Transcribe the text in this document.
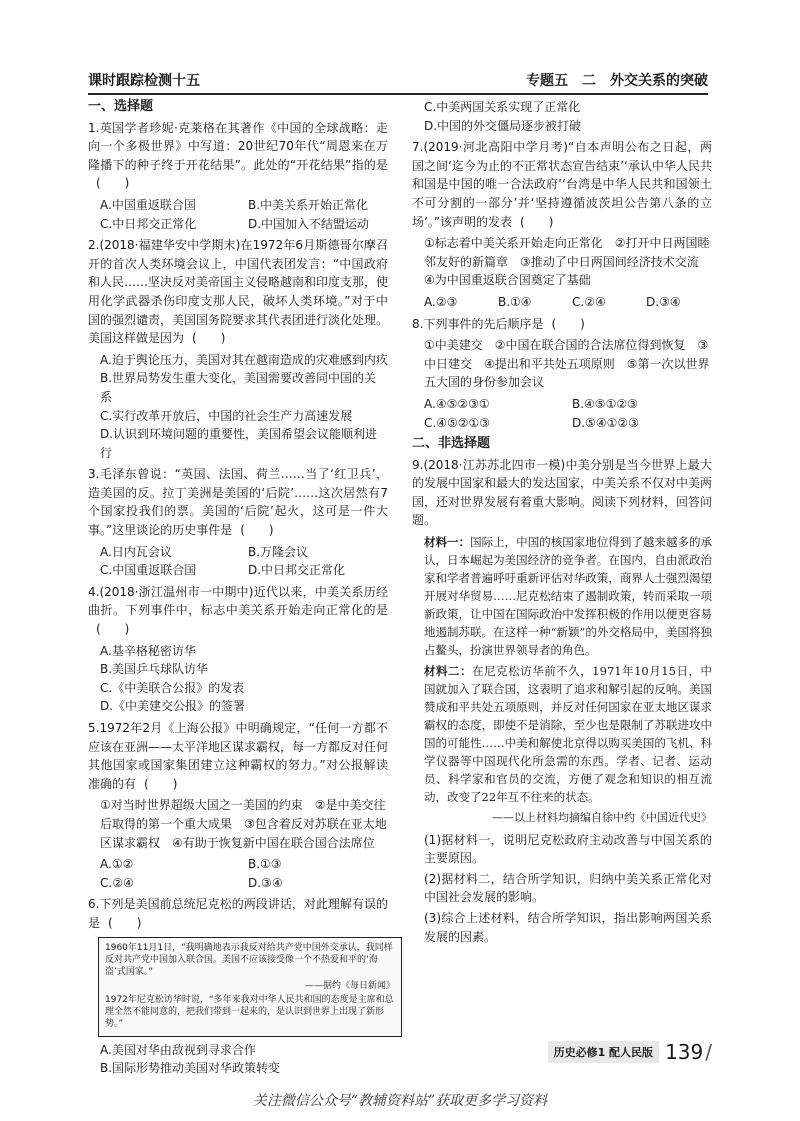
课时跟踪检测十五	专题五　二　外交关系的突破
一、选择题
1.英国学者珍妮·克莱格在其著作《中国的全球战略：走向一个多极世界》中写道：20世纪70年代“周恩来在万隆播下的种子终于开花结果”。此处的“开花结果”指的是(　　)
A.中国重返联合国	B.中美关系开始正常化
C.中日邦交正常化	D.中国加入不结盟运动
2.(2018·福建华安中学期末)在1972年6月斯德哥尔摩召开的首次人类环境会议上，中国代表团发言：“中国政府和人民……坚决反对美帝国主义侵略越南和印度支那，使用化学武器杀伤印度支那人民，破坏人类环境。”对于中国的强烈谴责，美国国务院要求其代表团进行淡化处理。美国这样做是因为 (　　)
A.迫于舆论压力，美国对其在越南造成的灾难感到内疚
B.世界局势发生重大变化，美国需要改善同中国的关系
C.实行改革开放后，中国的社会生产力高速发展
D.认识到环境问题的重要性，美国希望会议能顺利进行
3.毛泽东曾说：“英国、法国、荷兰……当了‘红卫兵’，造美国的反。拉丁美洲是美国的‘后院’……这次居然有7个国家投我们的票。美国的‘后院’起火，这可是一件大事。”这里谈论的历史事件是 (　　)
A.日内瓦会议	B.万隆会议
C.中国重返联合国	D.中日邦交正常化
4.(2018·浙江温州市一中期中)近代以来，中美关系历经曲折。下列事件中，标志中美关系开始走向正常化的是(　　)
A.基辛格秘密访华
B.美国乒乓球队访华
C.《中美联合公报》的发表
D.《中美建交公报》的签署
5.1972年2月《上海公报》中明确规定，“任何一方都不应该在亚洲——太平洋地区谋求霸权，每一方都反对任何其他国家或国家集团建立这种霸权的努力。”对公报解读准确的有 (　　)
①对当时世界超级大国之一美国的约束　②是中美交往后取得的第一个重大成果　③包含着反对苏联在亚太地区谋求霸权　④有助于恢复新中国在联合国合法席位
A.①②	B.①③
C.②④	D.③④
6.下列是美国前总统尼克松的两段讲话，对此理解有误的是 (　　)

1960年11月1日，“我明确地表示我反对给共产党中国外交承认，我同样反对共产党中国加入联合国。美国不应该接受像一个不热爱和平的‘海盗’式国家。”

——据约《每日新闻》

1972年尼克松访华时说，“多年来我对中华人民共和国的态度是主席和总理全然不能同意的，把我们带到一起来的，是认识到世界上出现了新形势。”

A.美国对华由敌视到寻求合作
B.国际形势推动美国对华政策转变
C.中美两国关系实现了正常化
D.中国的外交僵局逐步被打破
7.(2019·河北高阳中学月考)“自本声明公布之日起，两国之间‘迄今为止的不正常状态宣告结束’‘承认中华人民共和国是中国的唯一合法政府’‘台湾是中华人民共和国领土不可分割的一部分’并‘坚持遵循波茨坦公告第八条的立场’。”该声明的发表 (　　)
①标志着中美关系开始走向正常化　②打开中日两国睦邻友好的新篇章　③推动了中日两国间经济技术交流　④为中国重返联合国奠定了基础
A.②③	B.①④	C.②④	D.③④
8.下列事件的先后顺序是 (　　)
①中美建交　②中国在联合国的合法席位得到恢复　③中日建交　④提出和平共处五项原则　⑤第一次以世界五大国的身份参加会议
A.④⑤②③①	B.④⑤①②③
C.④⑤②①③	D.⑤④①②③
二、非选择题
9.(2018·江苏苏北四市一模)中美分别是当今世界上最大的发展中国家和最大的发达国家，中美关系不仅对中美两国，还对世界发展有着重大影响。阅读下列材料，回答问题。
材料一：国际上，中国的核国家地位得到了越来越多的承认，日本崛起为美国经济的竞争者。在国内，自由派政治家和学者普遍呼吁重新评估对华政策，商界人士强烈渴望开展对华贸易……尼克松结束了遏制政策，转而采取一项新政策，让中国在国际政治中发挥积极的作用以便更容易地遏制苏联。在这样一种“新颖”的外交格局中，美国将独占鳌头，扮演世界领导者的角色。
材料二：在尼克松访华前不久，1971年10月15日，中国就加入了联合国，这表明了追求和解引起的反响。美国赞成和平共处五项原则，并反对任何国家在亚太地区谋求霸权的态度，即使不是消除，至少也是限制了苏联进攻中国的可能性……中美和解使北京得以购买美国的飞机、科学仪器等中国现代化所急需的东西。学者、记者、运动员、科学家和官员的交流，方便了观念和知识的相互流动，改变了22年互不往来的状态。
——以上材料均摘编自徐中约《中国近代史》
(1)据材料一，说明尼克松政府主动改善与中国关系的主要原因。
(2)据材料二，结合所学知识，归纳中美关系正常化对中国社会发展的影响。
(3)综合上述材料，结合所学知识，指出影响两国关系发展的因素。
历史必修1 配人民版 139 /
关注微信公众号“教辅资料站”获取更多学习资料
